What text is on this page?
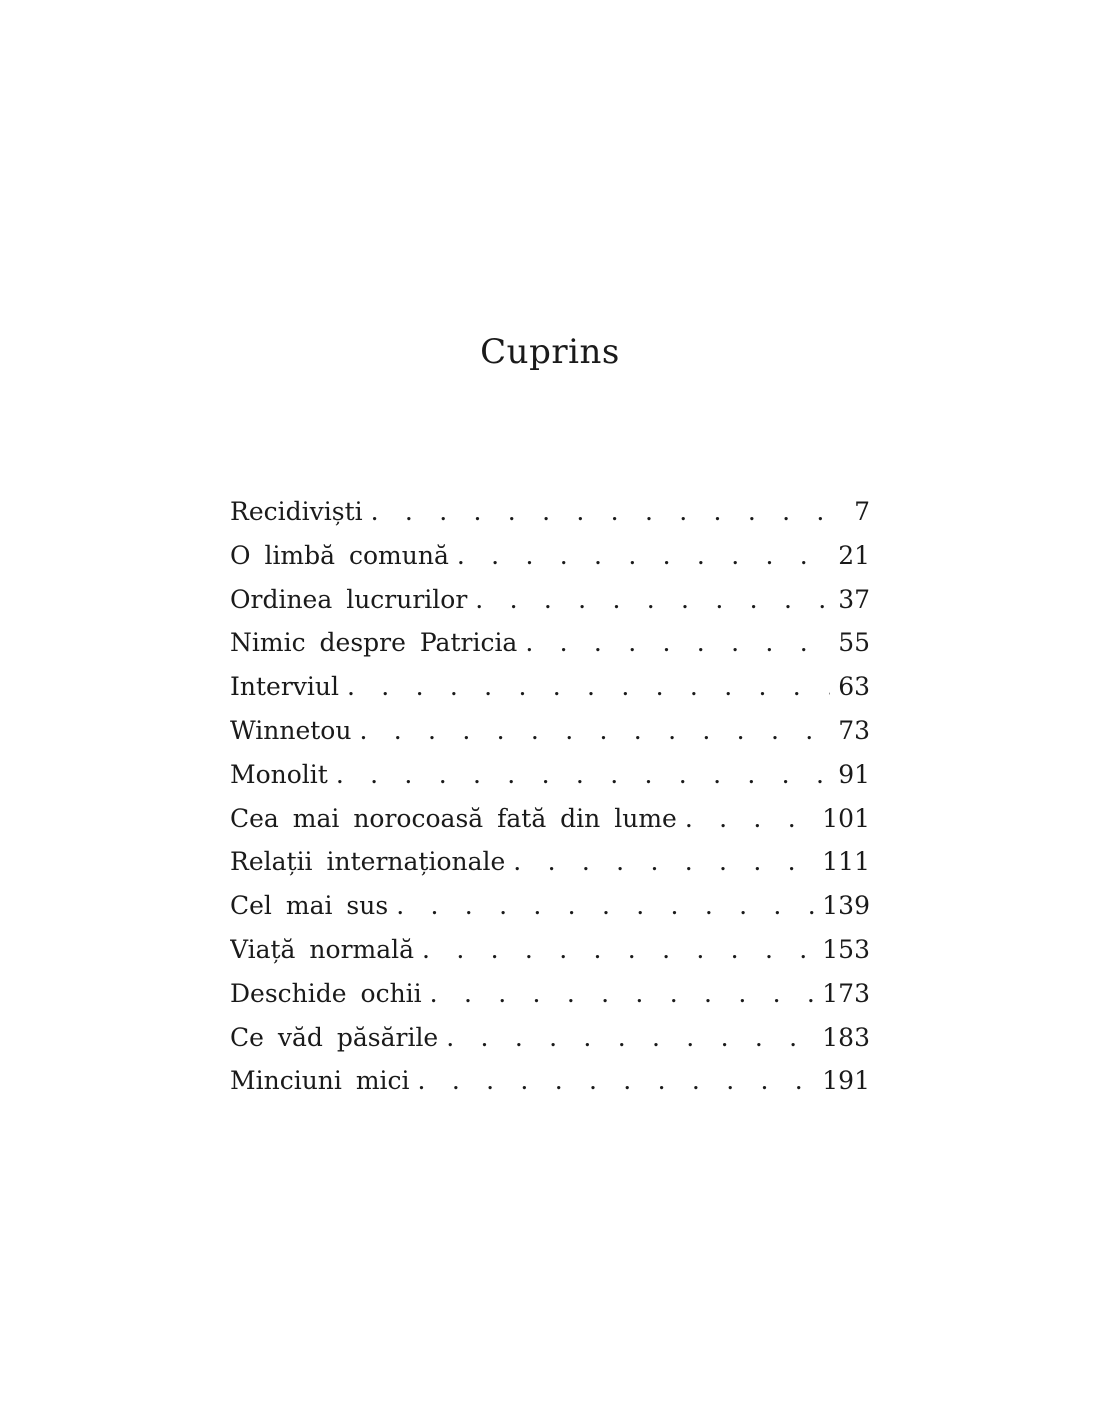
Cuprins
Recidiviști . . .	7
O limbă comună . . .	21
Ordinea lucrurilor . . .	37
Nimic despre Patricia . . .	55
Interviul . . .	63
Winnetou . . .	73
Monolit . . .	91
Cea mai norocoasă fată din lume . . .	101
Relații internaționale . . .	111
Cel mai sus . . .	139
Viață normală . . .	153
Deschide ochii . . .	173
Ce văd păsările . . .	183
Minciuni mici . . .	191
